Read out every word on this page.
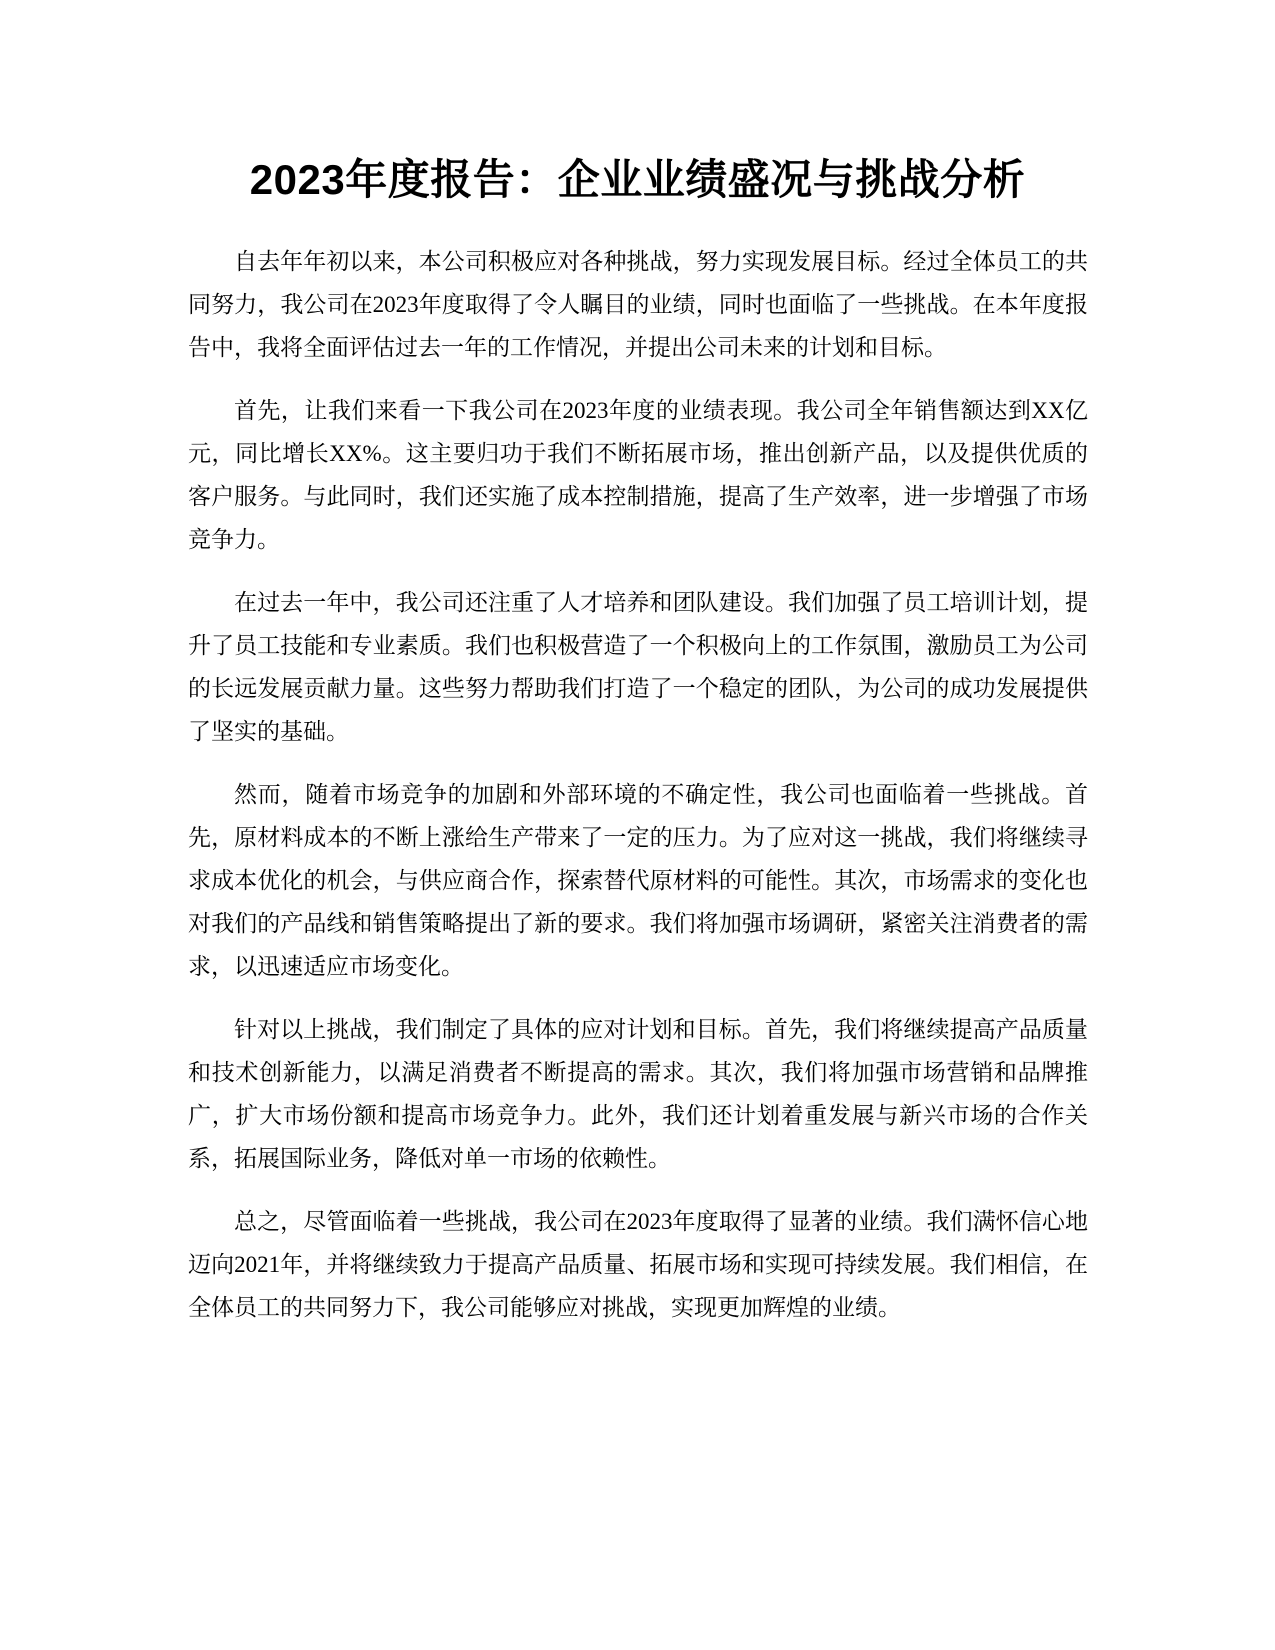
2023年度报告：企业业绩盛况与挑战分析

自去年年初以来，本公司积极应对各种挑战，努力实现发展目标。经过全体员工的共同努力，我公司在2023年度取得了令人瞩目的业绩，同时也面临了一些挑战。在本年度报告中，我将全面评估过去一年的工作情况，并提出公司未来的计划和目标。

首先，让我们来看一下我公司在2023年度的业绩表现。我公司全年销售额达到XX亿元，同比增长XX%。这主要归功于我们不断拓展市场，推出创新产品，以及提供优质的客户服务。与此同时，我们还实施了成本控制措施，提高了生产效率，进一步增强了市场竞争力。

在过去一年中，我公司还注重了人才培养和团队建设。我们加强了员工培训计划，提升了员工技能和专业素质。我们也积极营造了一个积极向上的工作氛围，激励员工为公司的长远发展贡献力量。这些努力帮助我们打造了一个稳定的团队，为公司的成功发展提供了坚实的基础。

然而，随着市场竞争的加剧和外部环境的不确定性，我公司也面临着一些挑战。首先，原材料成本的不断上涨给生产带来了一定的压力。为了应对这一挑战，我们将继续寻求成本优化的机会，与供应商合作，探索替代原材料的可能性。其次，市场需求的变化也对我们的产品线和销售策略提出了新的要求。我们将加强市场调研，紧密关注消费者的需求，以迅速适应市场变化。

针对以上挑战，我们制定了具体的应对计划和目标。首先，我们将继续提高产品质量和技术创新能力，以满足消费者不断提高的需求。其次，我们将加强市场营销和品牌推广，扩大市场份额和提高市场竞争力。此外，我们还计划着重发展与新兴市场的合作关系，拓展国际业务，降低对单一市场的依赖性。

总之，尽管面临着一些挑战，我公司在2023年度取得了显著的业绩。我们满怀信心地迈向2021年，并将继续致力于提高产品质量、拓展市场和实现可持续发展。我们相信，在全体员工的共同努力下，我公司能够应对挑战，实现更加辉煌的业绩。
